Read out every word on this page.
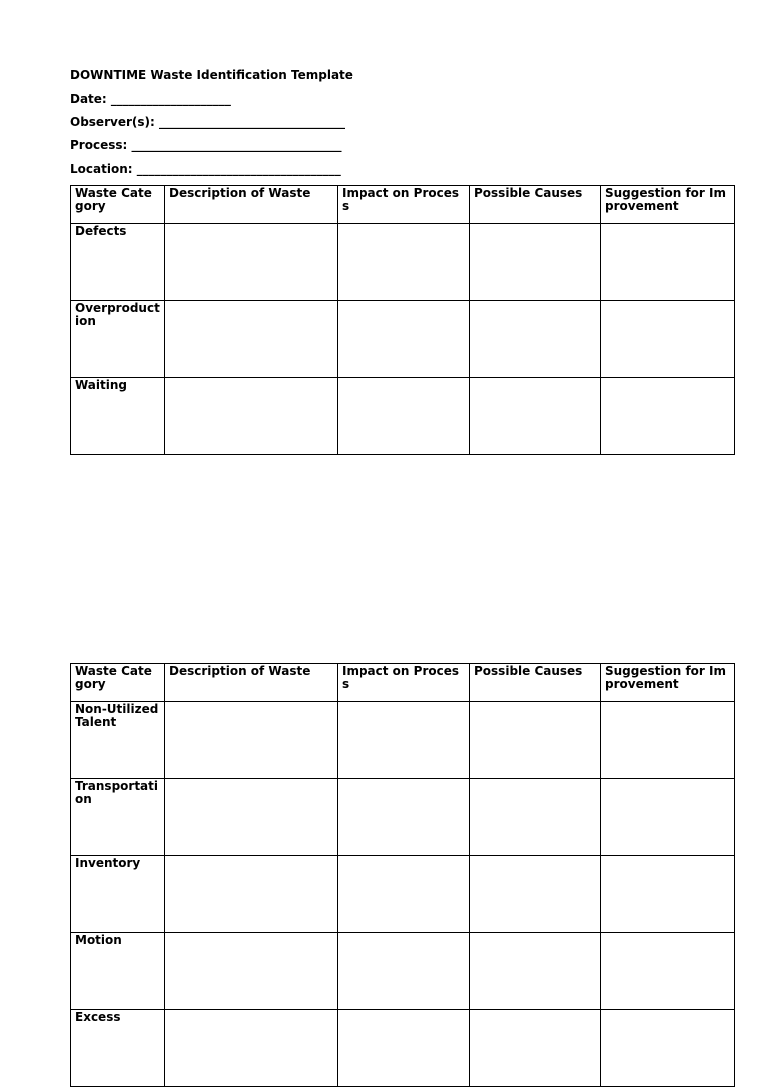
DOWNTIME Waste Identification Template
Date: ____________________
Observer(s): _______________________________
Process: ___________________________________
Location: __________________________________
Waste Category	Description of Waste	Impact on Process	Possible Causes	Suggestion for Improvement
Defects				
Overproduction				
Waiting				
Waste Category	Description of Waste	Impact on Process	Possible Causes	Suggestion for Improvement
Non-Utilized Talent				
Transportation				
Inventory				
Motion				
Excess				
